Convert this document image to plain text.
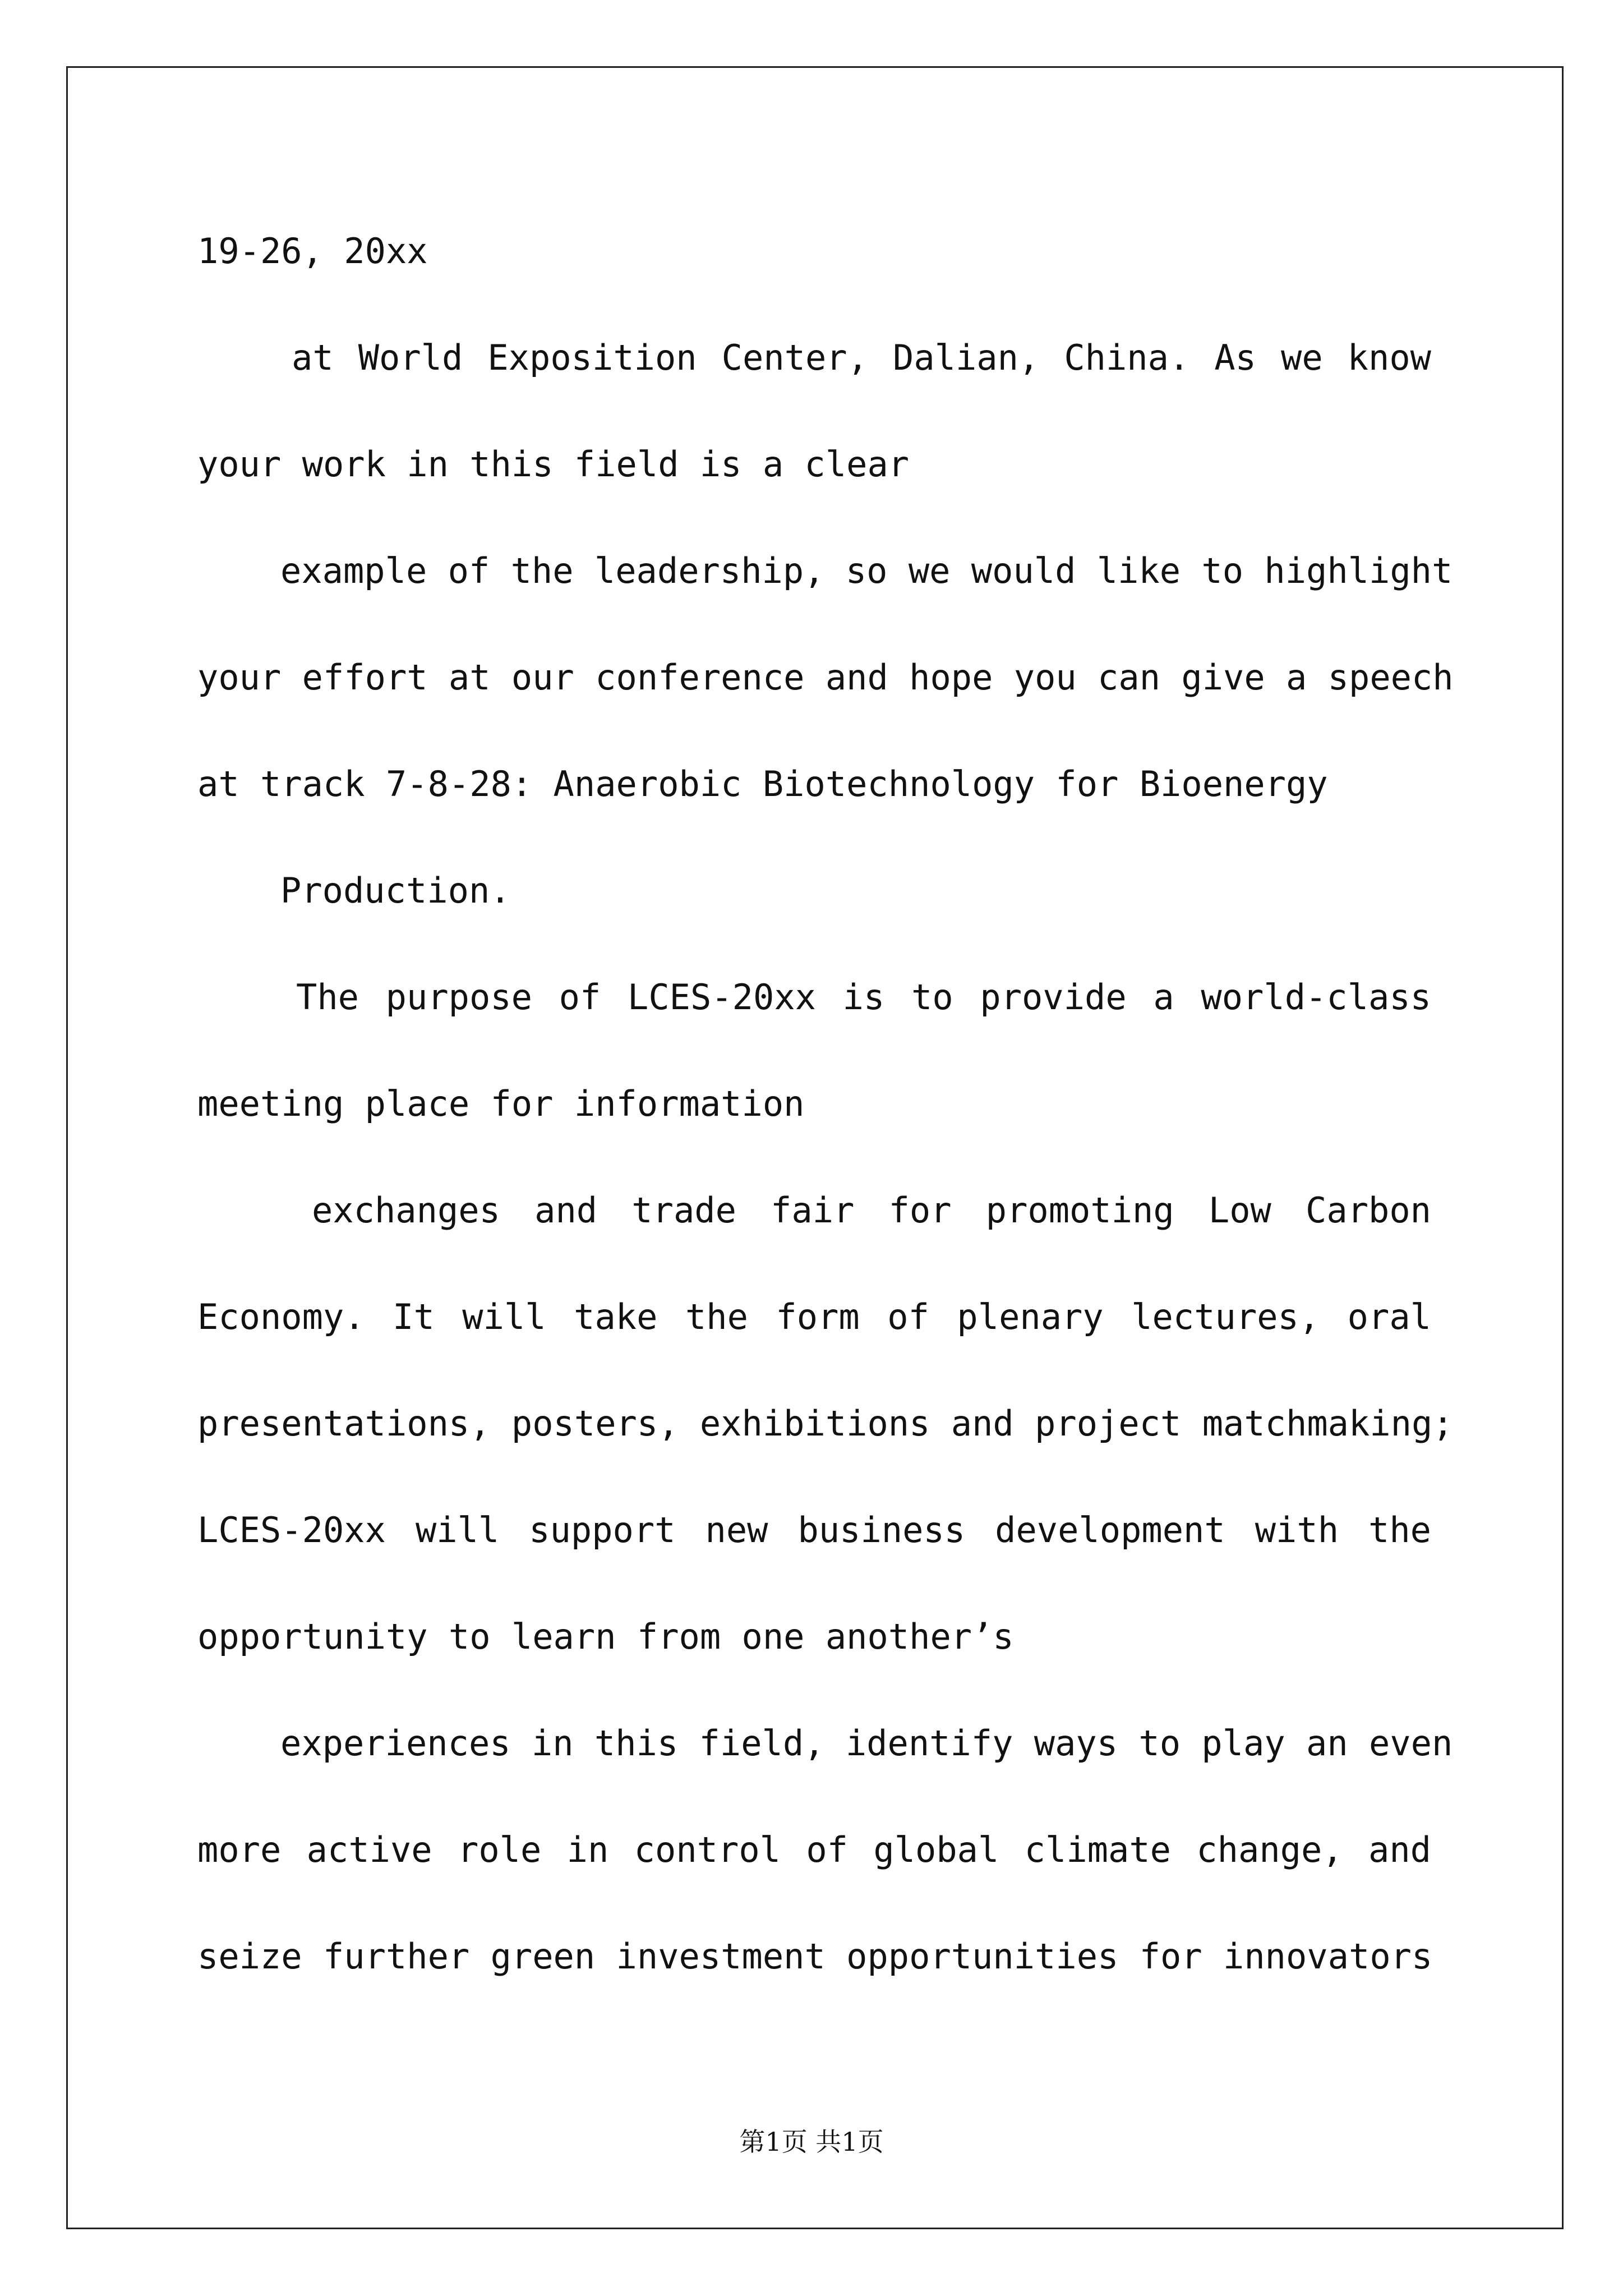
19-26, 20xx
at World Exposition Center, Dalian, China. As we know
your work in this field is a clear
example of the leadership, so we would like to highlight
your effort at our conference and hope you can give a speech
at track 7-8-28: Anaerobic Biotechnology for Bioenergy
Production.
The purpose of LCES-20xx is to provide a world-class
meeting place for information
exchanges and trade fair for promoting Low Carbon
Economy. It will take the form of plenary lectures, oral
presentations, posters, exhibitions and project matchmaking;
LCES-20xx will support new business development with the
opportunity to learn from one another’s
experiences in this field, identify ways to play an even
more active role in control of global climate change, and
seize further green investment opportunities for innovators
第1页 共1页
